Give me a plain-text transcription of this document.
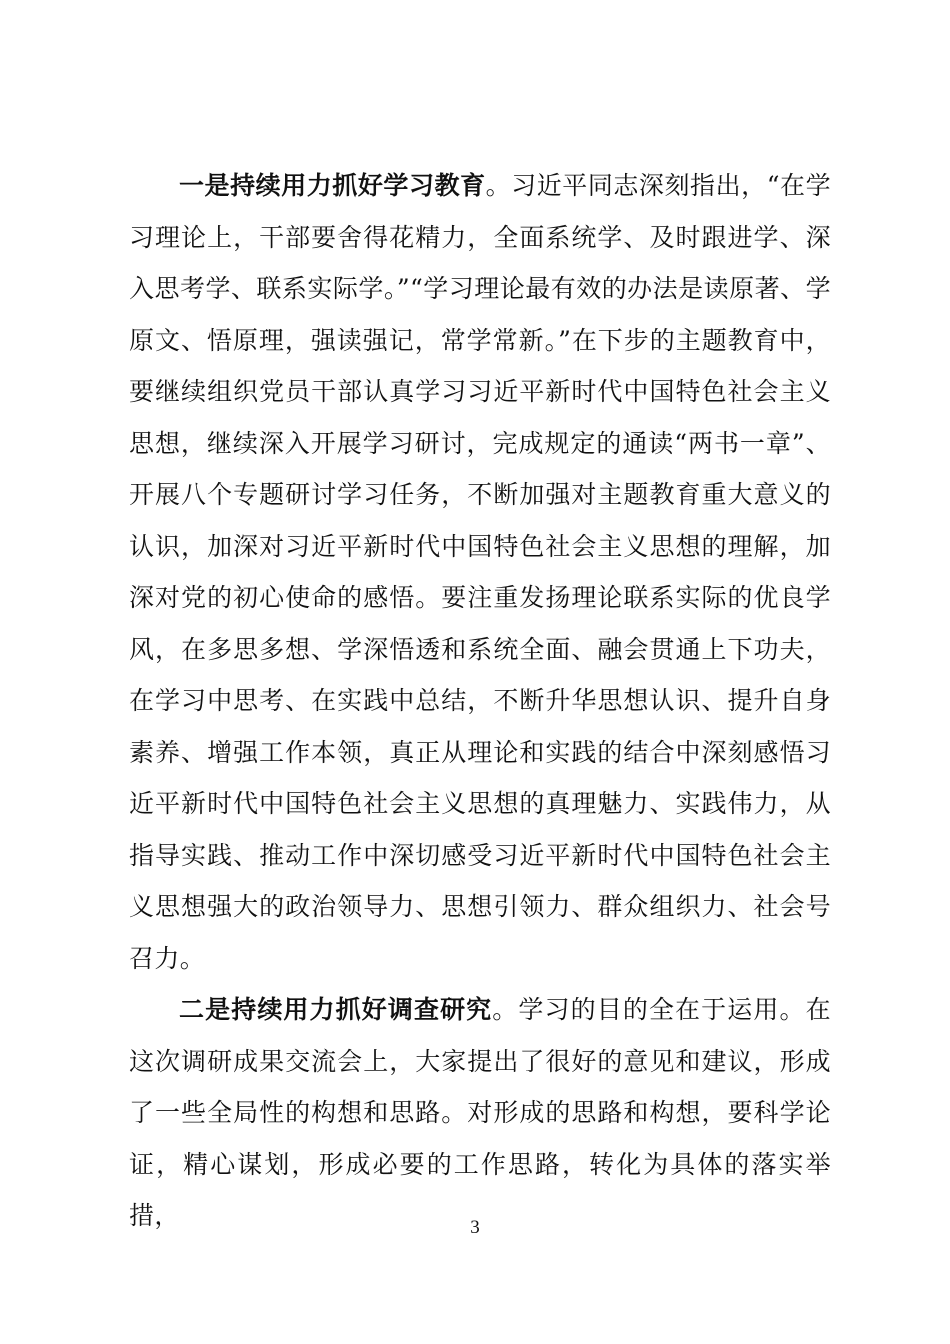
一是持续用力抓好学习教育。习近平同志深刻指出，“在学习理论上，干部要舍得花精力，全面系统学、及时跟进学、深入思考学、联系实际学。”“学习理论最有效的办法是读原著、学原文、悟原理，强读强记，常学常新。”在下步的主题教育中，要继续组织党员干部认真学习习近平新时代中国特色社会主义思想，继续深入开展学习研讨，完成规定的通读“两书一章”、开展八个专题研讨学习任务，不断加强对主题教育重大意义的认识，加深对习近平新时代中国特色社会主义思想的理解，加深对党的初心使命的感悟。要注重发扬理论联系实际的优良学风，在多思多想、学深悟透和系统全面、融会贯通上下功夫，在学习中思考、在实践中总结，不断升华思想认识、提升自身素养、增强工作本领，真正从理论和实践的结合中深刻感悟习近平新时代中国特色社会主义思想的真理魅力、实践伟力，从指导实践、推动工作中深切感受习近平新时代中国特色社会主义思想强大的政治领导力、思想引领力、群众组织力、社会号召力。

二是持续用力抓好调查研究。学习的目的全在于运用。在这次调研成果交流会上，大家提出了很好的意见和建议，形成了一些全局性的构想和思路。对形成的思路和构想，要科学论证，精心谋划，形成必要的工作思路，转化为具体的落实举措，	3
